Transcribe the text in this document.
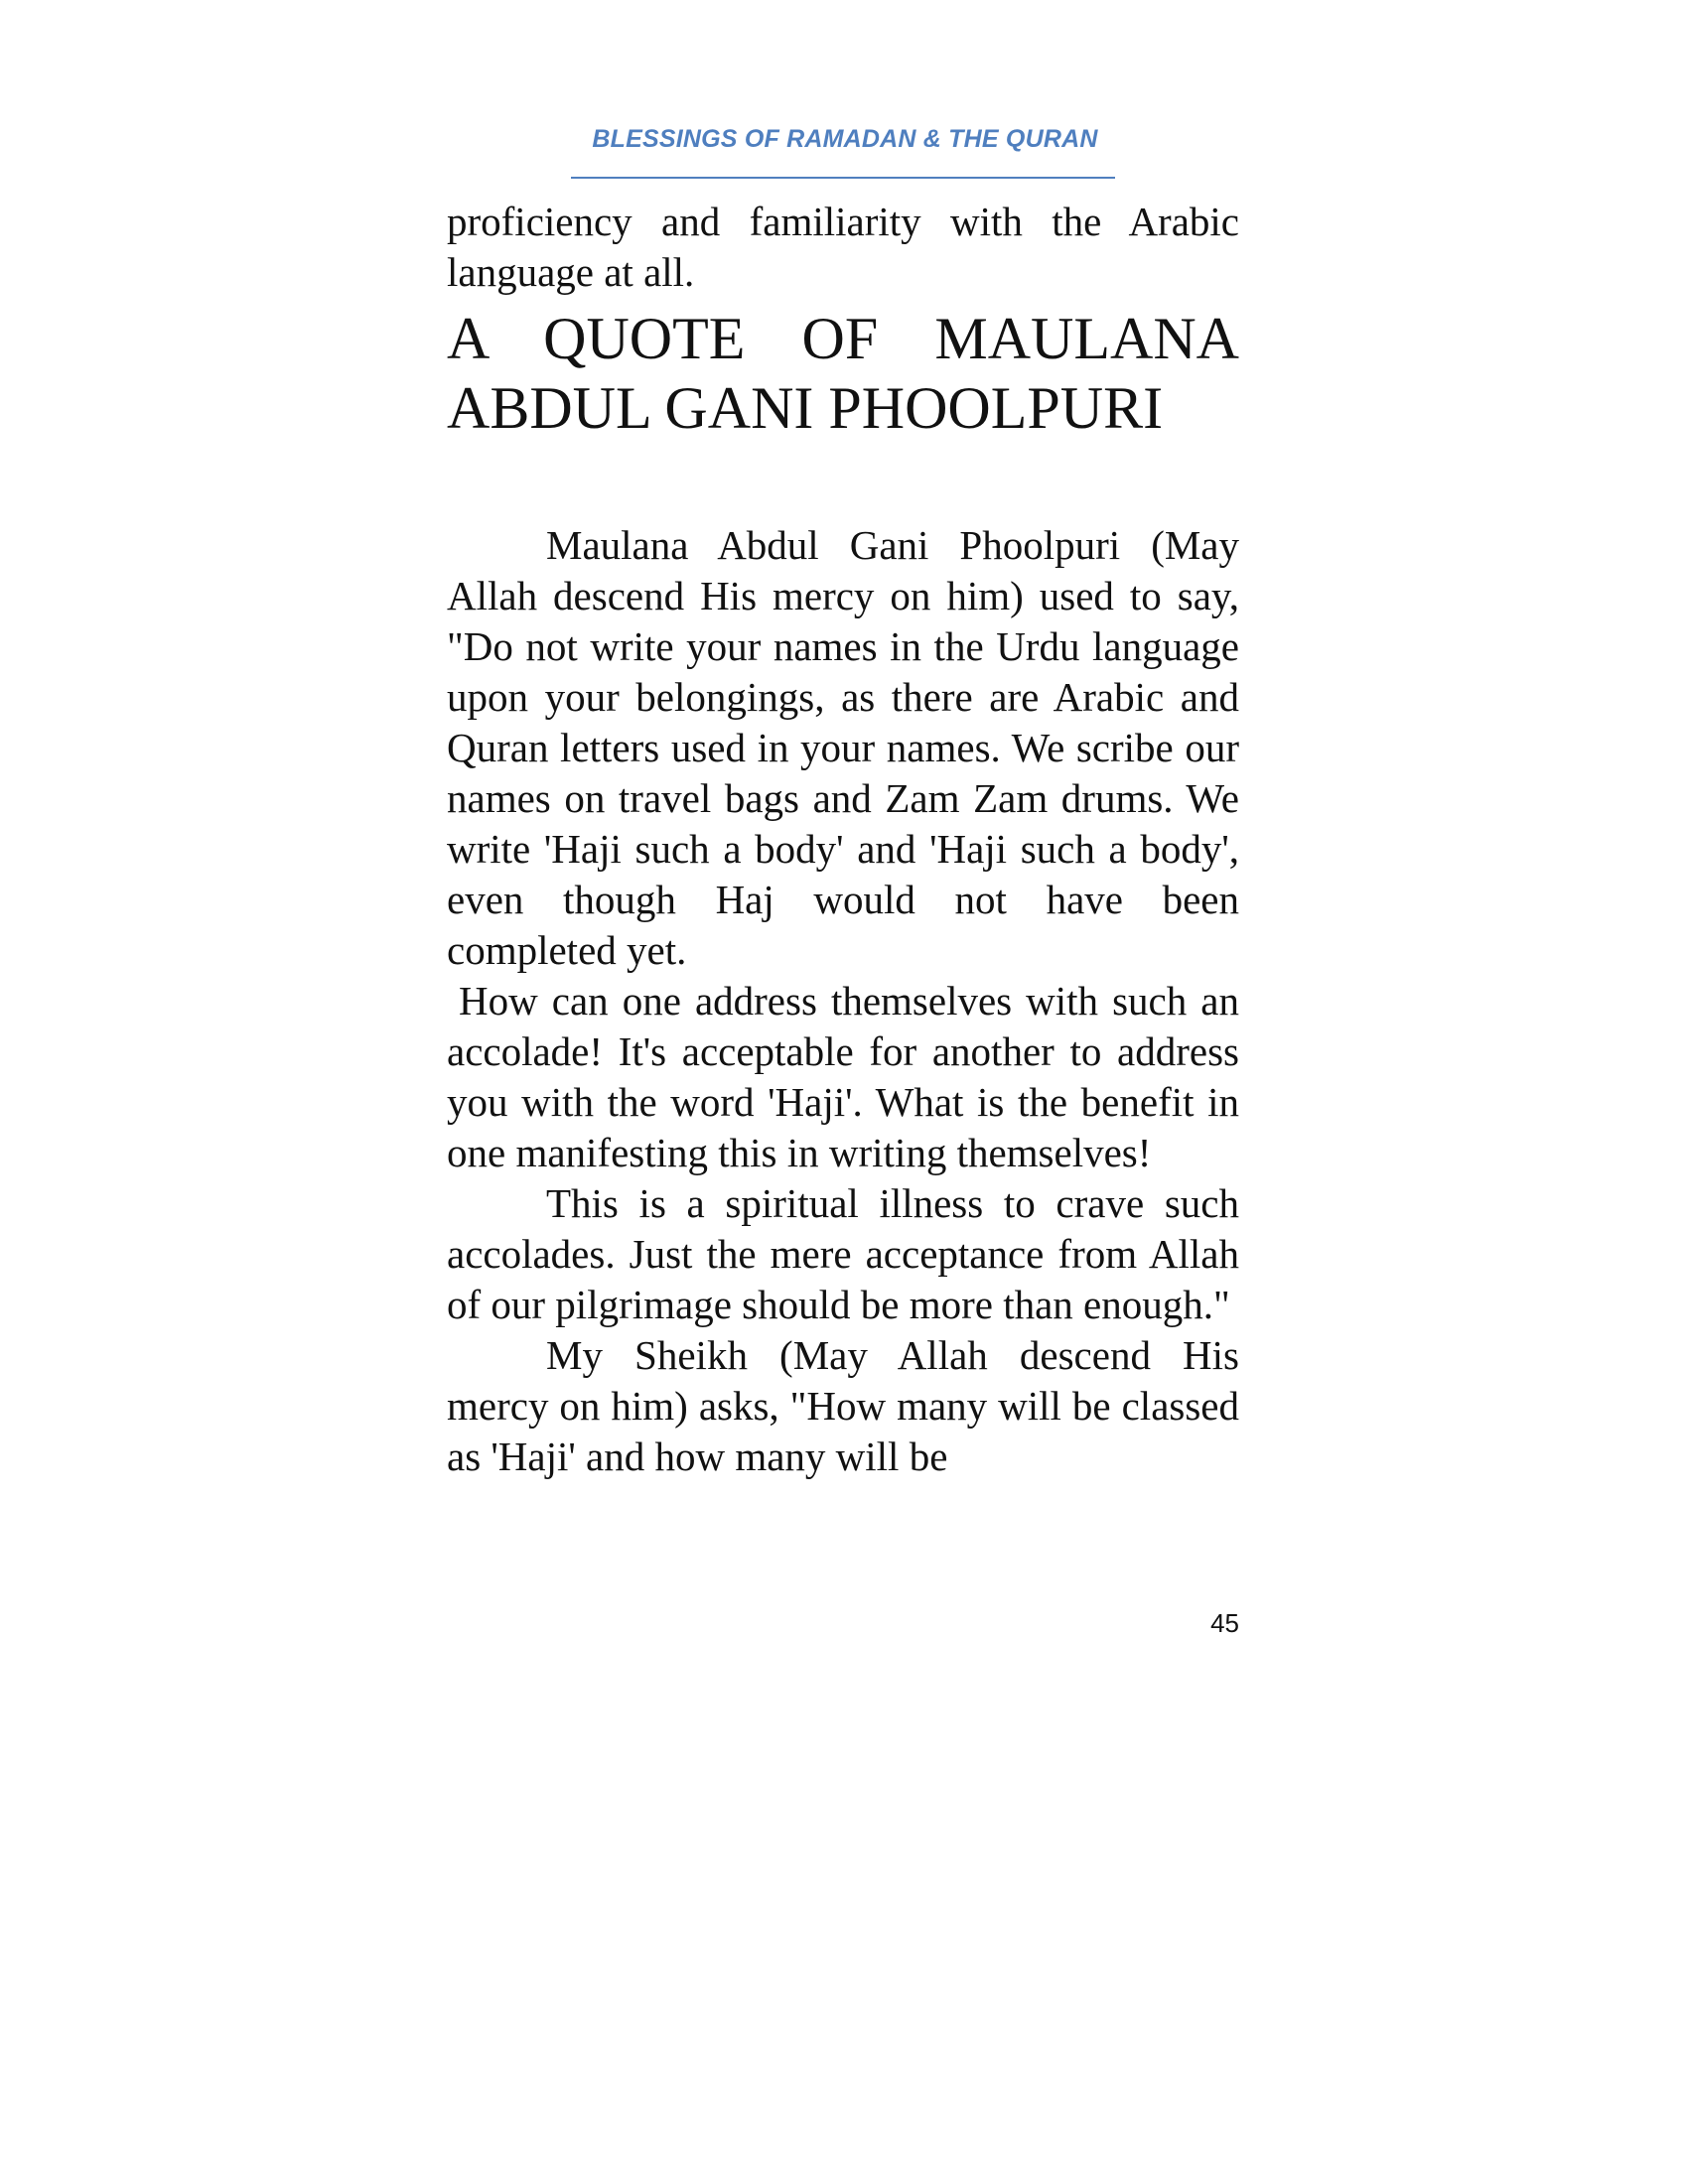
BLESSINGS OF RAMADAN & THE QURAN

proficiency and familiarity with the Arabic language at all.

A QUOTE OF MAULANA
ABDUL GANI PHOOLPURI

Maulana Abdul Gani Phoolpuri (May Allah descend His mercy on him) used to say, "Do not write your names in the Urdu language upon your belongings, as there are Arabic and Quran letters used in your names. We scribe our names on travel bags and Zam Zam drums. We write 'Haji such a body' and 'Haji such a body', even though Haj would not have been completed yet.

How can one address themselves with such an accolade! It's acceptable for another to address you with the word 'Haji'. What is the benefit in one manifesting this in writing themselves!

This is a spiritual illness to crave such accolades. Just the mere acceptance from Allah of our pilgrimage should be more than enough."

My Sheikh (May Allah descend His mercy on him) asks, "How many will be classed as 'Haji' and how many will be

45
